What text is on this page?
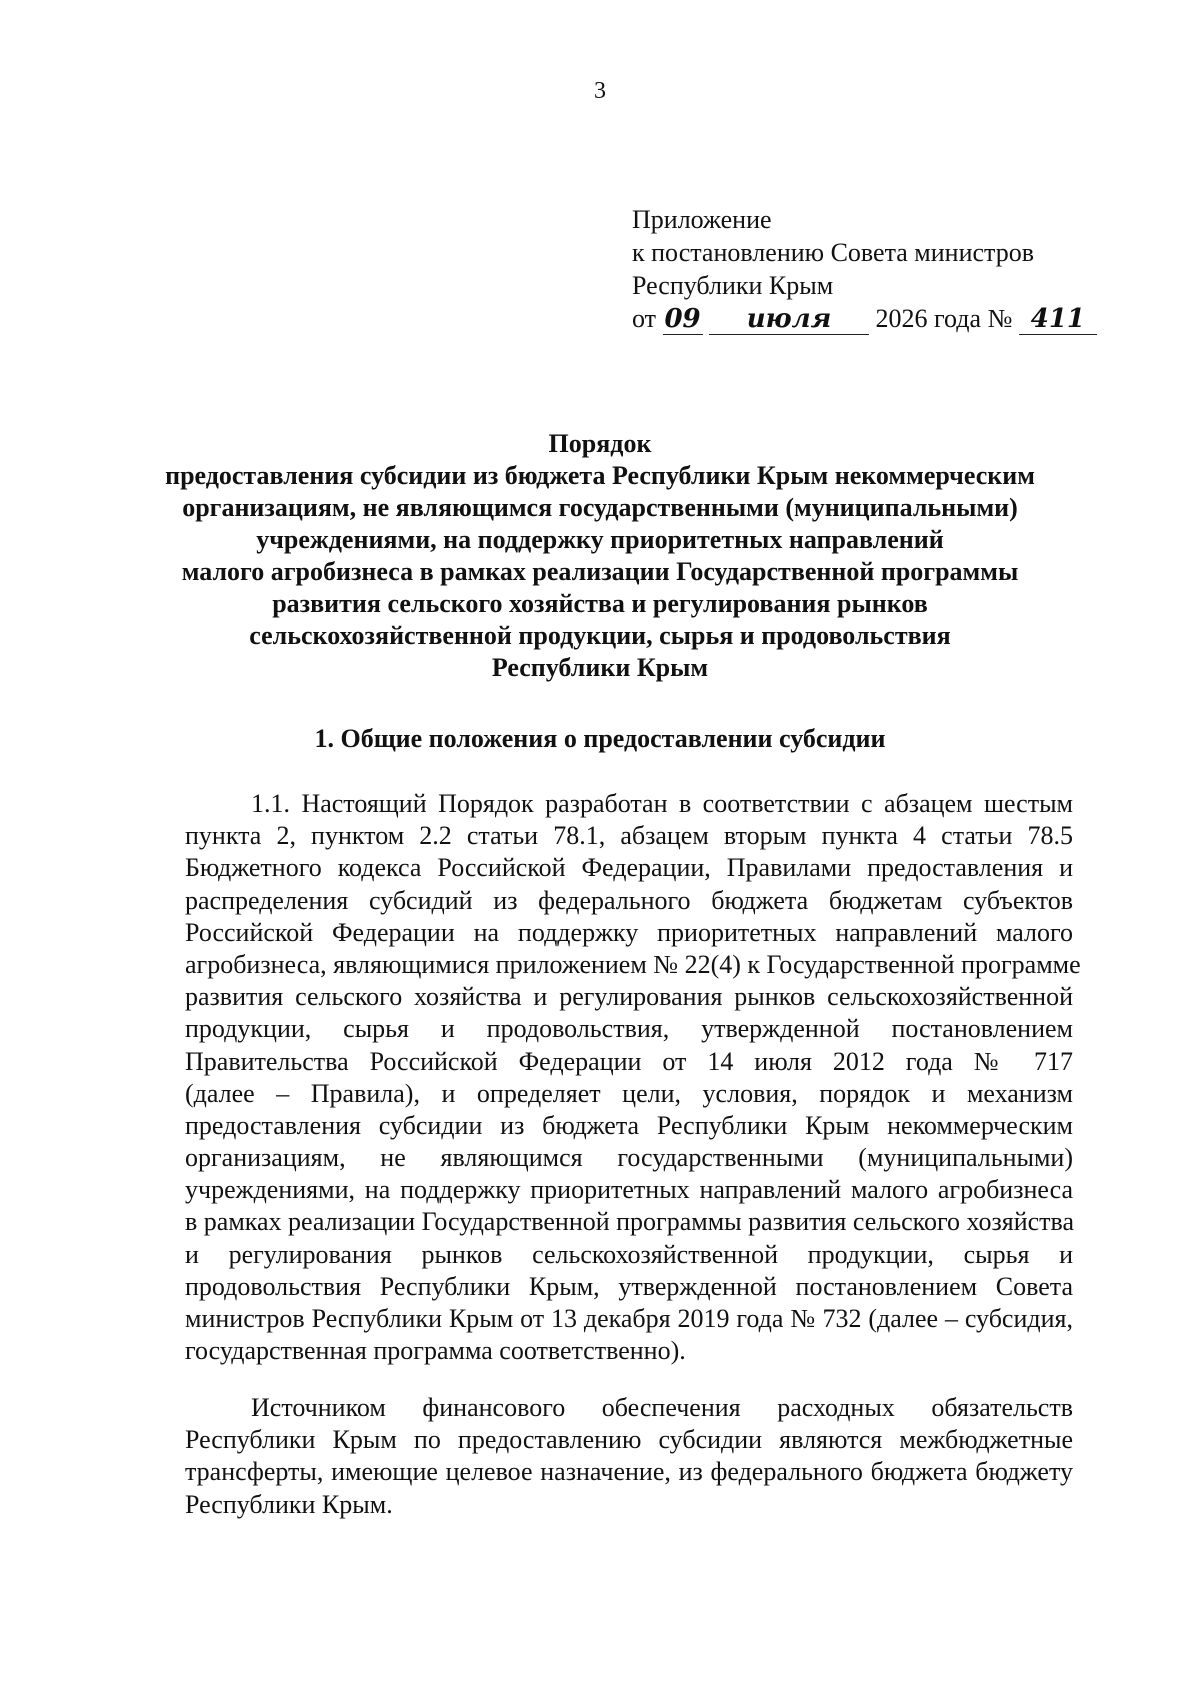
3
Приложение
к постановлению Совета министров
Республики Крым
от 09 июля 2026 года № 411
Порядок
предоставления субсидии из бюджета Республики Крым некоммерческим
организациям, не являющимся государственными (муниципальными)
учреждениями, на поддержку приоритетных направлений
малого агробизнеса в рамках реализации Государственной программы
развития сельского хозяйства и регулирования рынков
сельскохозяйственной продукции, сырья и продовольствия
Республики Крым
1. Общие положения о предоставлении субсидии
1.1. Настоящий Порядок разработан в соответствии с абзацем шестым
пункта 2, пунктом 2.2 статьи 78.1, абзацем вторым пункта 4 статьи 78.5
Бюджетного кодекса Российской Федерации, Правилами предоставления и
распределения субсидий из федерального бюджета бюджетам субъектов
Российской Федерации на поддержку приоритетных направлений малого
агробизнеса, являющимися приложением № 22(4) к Государственной программе
развития сельского хозяйства и регулирования рынков сельскохозяйственной
продукции, сырья и продовольствия, утвержденной постановлением
Правительства Российской Федерации от 14 июля 2012 года № 717
(далее – Правила), и определяет цели, условия, порядок и механизм
предоставления субсидии из бюджета Республики Крым некоммерческим
организациям, не являющимся государственными (муниципальными)
учреждениями, на поддержку приоритетных направлений малого агробизнеса
в рамках реализации Государственной программы развития сельского хозяйства
и регулирования рынков сельскохозяйственной продукции, сырья и
продовольствия Республики Крым, утвержденной постановлением Совета
министров Республики Крым от 13 декабря 2019 года № 732 (далее – субсидия,
государственная программа соответственно).
Источником финансового обеспечения расходных обязательств
Республики Крым по предоставлению субсидии являются межбюджетные
трансферты, имеющие целевое назначение, из федерального бюджета бюджету
Республики Крым.
